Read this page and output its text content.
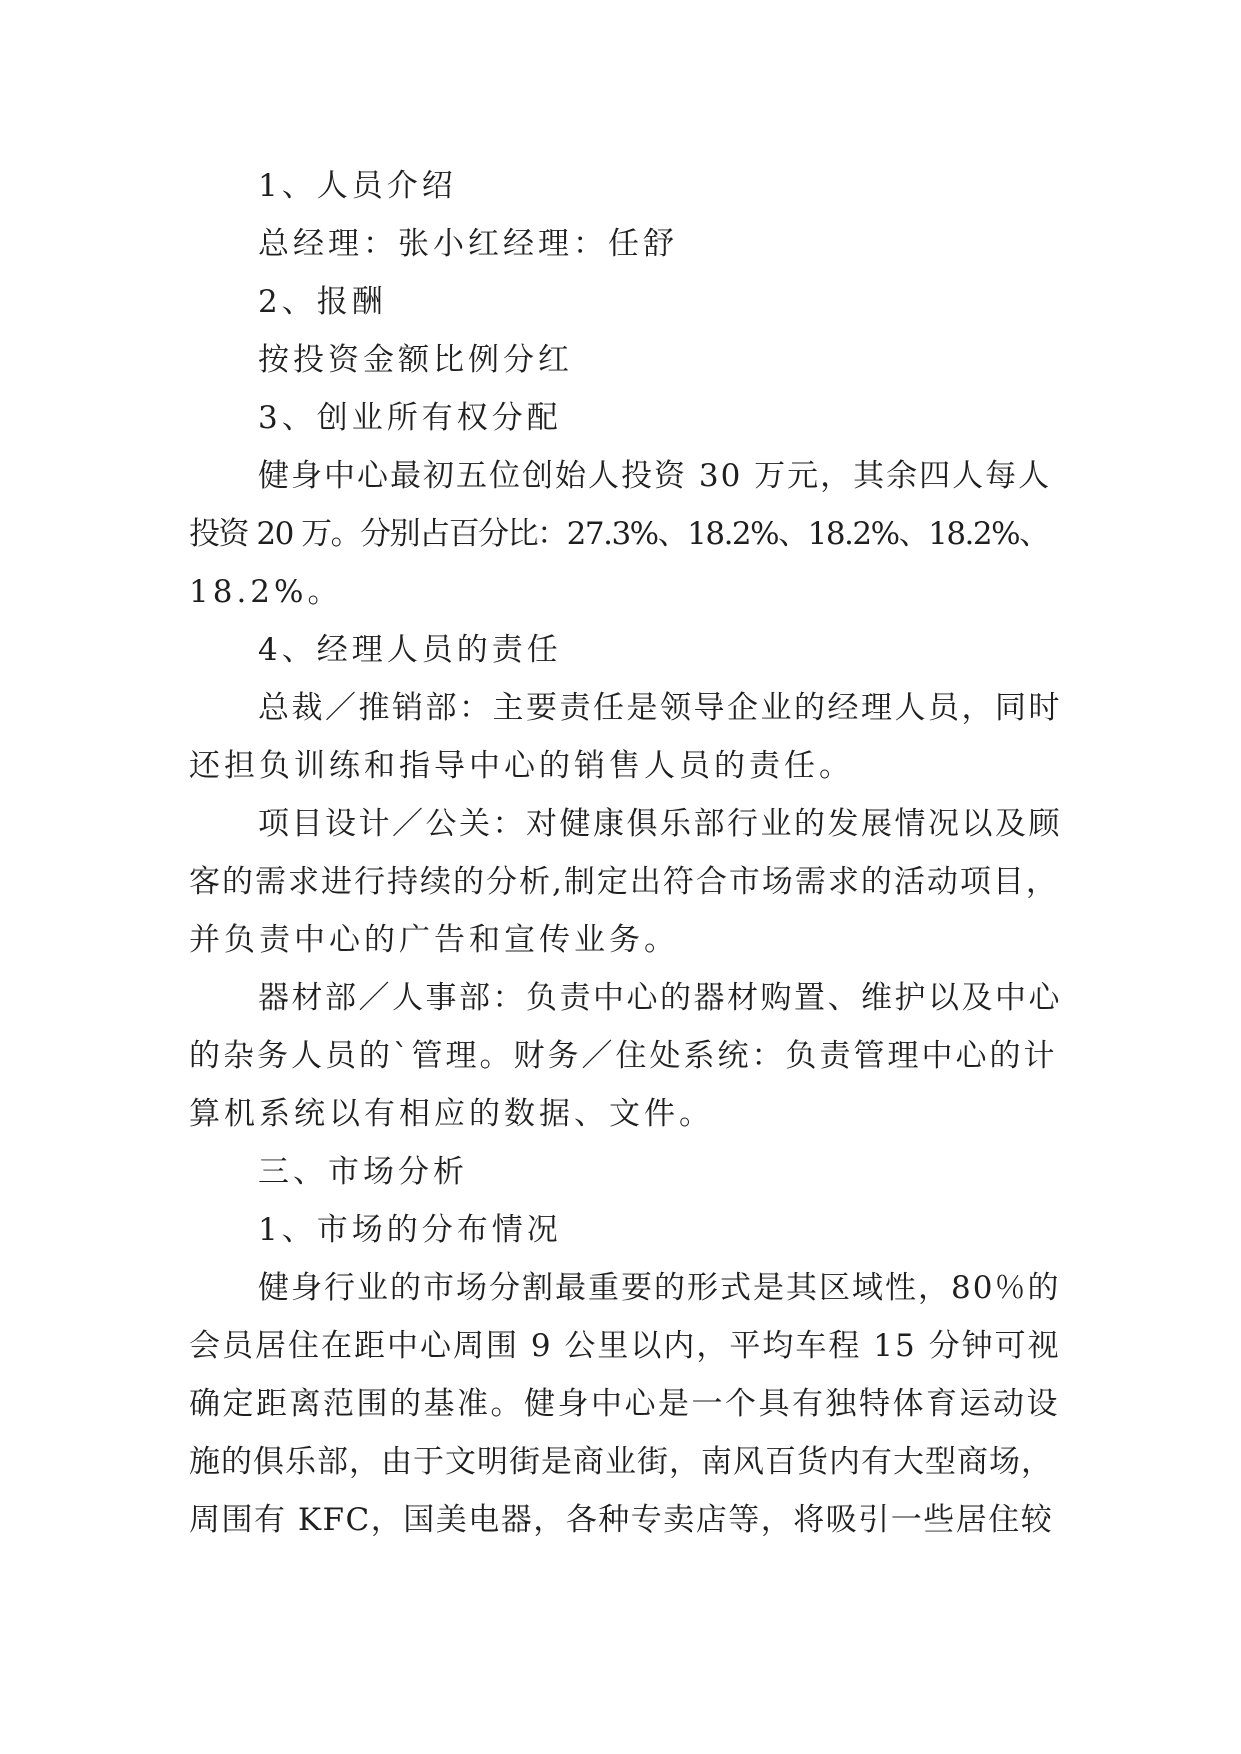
1、人员介绍
总经理：张小红经理：任舒
2、报酬
按投资金额比例分红
3、创业所有权分配
健身中心最初五位创始人投资 30 万元，其余四人每人
投资 20 万。分别占百分比：27.3%、18.2%、18.2%、18.2%、
18.2%。
4、经理人员的责任
总裁／推销部：主要责任是领导企业的经理人员，同时
还担负训练和指导中心的销售人员的责任。
项目设计／公关：对健康俱乐部行业的发展情况以及顾
客的需求进行持续的分析,制定出符合市场需求的活动项目，
并负责中心的广告和宣传业务。
器材部／人事部：负责中心的器材购置、维护以及中心
的杂务人员的`管理。财务／住处系统：负责管理中心的计
算机系统以有相应的数据、文件。
三、市场分析
1、市场的分布情况
健身行业的市场分割最重要的形式是其区域性，80％的
会员居住在距中心周围 9 公里以内，平均车程 15 分钟可视
确定距离范围的基准。健身中心是一个具有独特体育运动设
施的俱乐部，由于文明街是商业街，南风百货内有大型商场，
周围有 KFC，国美电器，各种专卖店等，将吸引一些居住较
